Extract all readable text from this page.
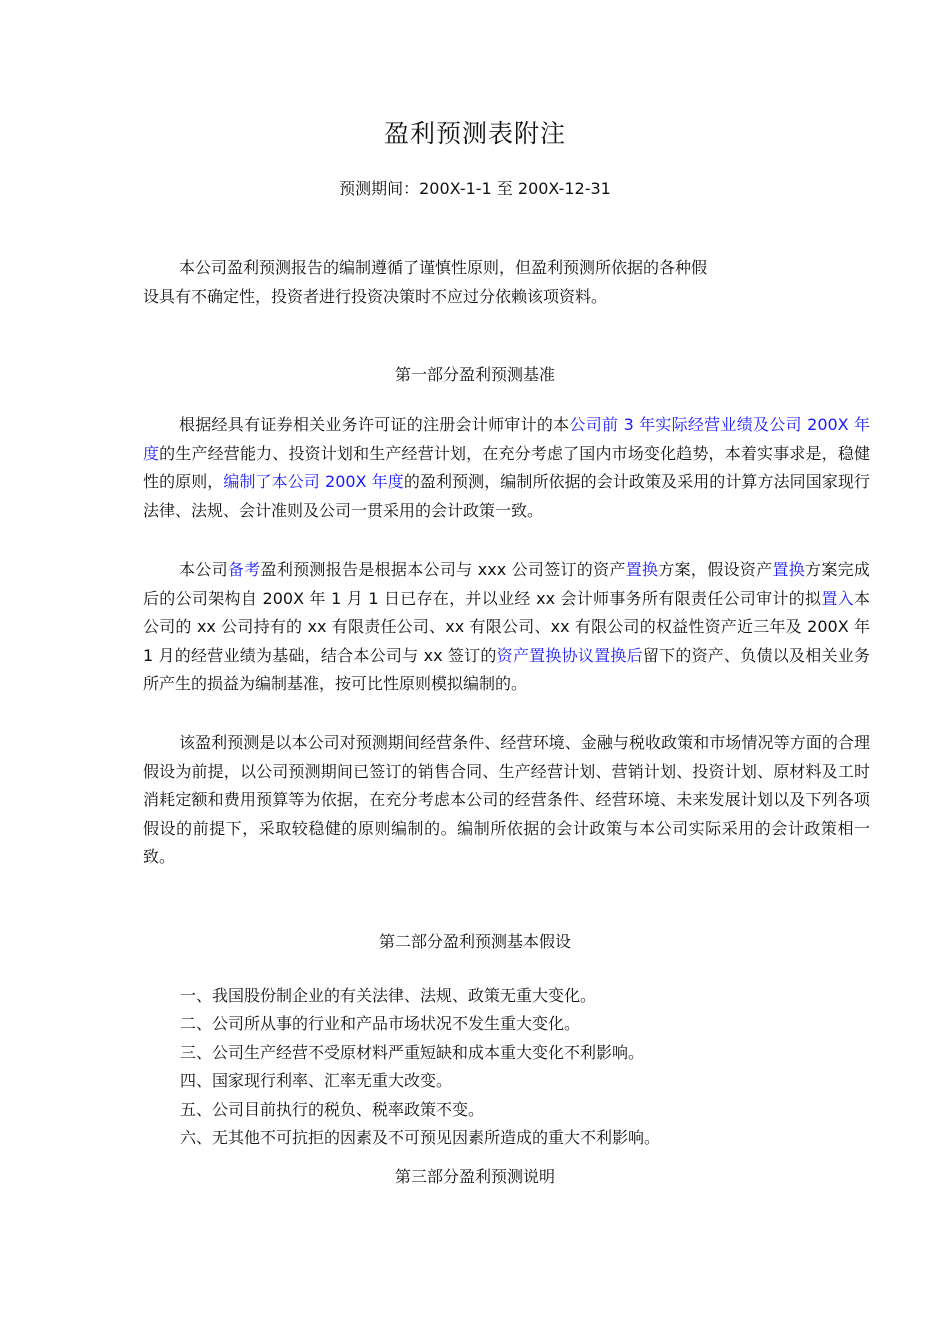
盈利预测表附注
预测期间：200X-1-1 至 200X-12-31
本公司盈利预测报告的编制遵循了谨慎性原则，但盈利预测所依据的各种假
设具有不确定性，投资者进行投资决策时不应过分依赖该项资料。
第一部分盈利预测基准

根据经具有证券相关业务许可证的注册会计师审计的本公司前 3 年实际经营业绩及公司 200X 年度的生产经营能力、投资计划和生产经营计划，在充分考虑了国内市场变化趋势，本着实事求是，稳健性的原则，编制了本公司 200X 年度的盈利预测，编制所依据的会计政策及采用的计算方法同国家现行法律、法规、会计准则及公司一贯采用的会计政策一致。

本公司备考盈利预测报告是根据本公司与 xxx 公司签订的资产置换方案，假设资产置换方案完成后的公司架构自 200X 年 1 月 1 日已存在，并以业经 xx 会计师事务所有限责任公司审计的拟置入本公司的 xx 公司持有的 xx 有限责任公司、xx 有限公司、xx 有限公司的权益性资产近三年及 200X 年 1 月的经营业绩为基础，结合本公司与 xx 签订的资产置换协议置换后留下的资产、负债以及相关业务所产生的损益为编制基准，按可比性原则模拟编制的。

该盈利预测是以本公司对预测期间经营条件、经营环境、金融与税收政策和市场情况等方面的合理假设为前提，以公司预测期间已签订的销售合同、生产经营计划、营销计划、投资计划、原材料及工时消耗定额和费用预算等为依据，在充分考虑本公司的经营条件、经营环境、未来发展计划以及下列各项假设的前提下，采取较稳健的原则编制的。编制所依据的会计政策与本公司实际采用的会计政策相一致。

第二部分盈利预测基本假设
一、我国股份制企业的有关法律、法规、政策无重大变化。
二、公司所从事的行业和产品市场状况不发生重大变化。
三、公司生产经营不受原材料严重短缺和成本重大变化不利影响。
四、国家现行利率、汇率无重大改变。
五、公司目前执行的税负、税率政策不变。
六、无其他不可抗拒的因素及不可预见因素所造成的重大不利影响。
第三部分盈利预测说明
